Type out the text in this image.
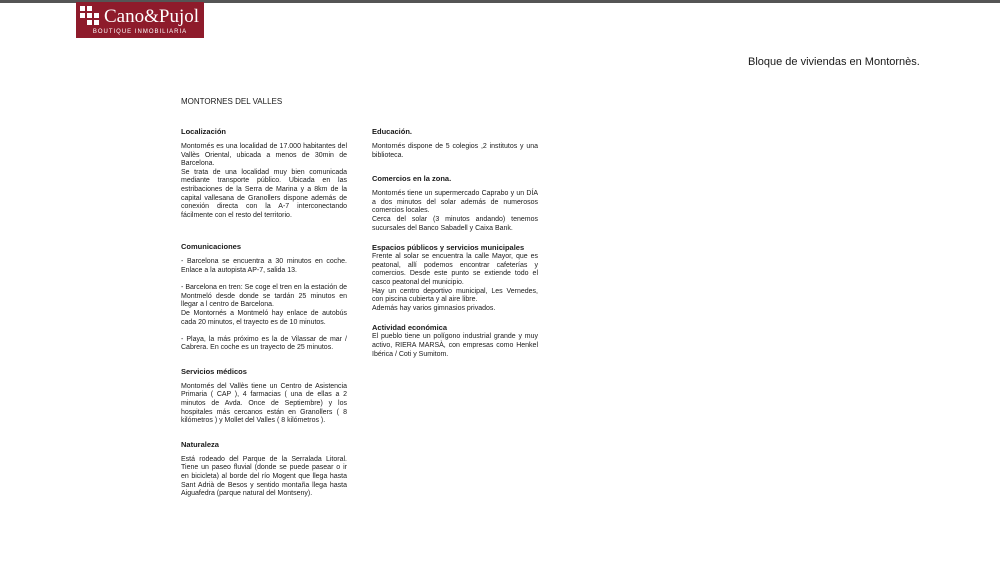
Cano&Pujol
BOUTIQUE INMOBILIARIA
Bloque de viviendas en Montornès.
MONTORNES DEL VALLES
Localización
Montornés es una localidad de 17.000 habitantes del Vallès Oriental, ubicada a menos de 30min de Barcelona.
Se trata de una localidad muy bien comunicada mediante transporte público. Ubicada en las estribaciones de la Serra de Marina y a 8km de la capital vallesana de Granollers dispone además de conexión directa con la A-7 interconectando fácilmente con el resto del territorio.
Comunicaciones
- Barcelona se encuentra a 30 minutos en coche. Enlace a la autopista AP-7, salida 13.

- Barcelona en tren: Se coge el tren en la estación de Montmeló desde donde se tardán 25 minutos en llegar a l centro de Barcelona.
De Montornés a Montmeló hay enlace de autobús cada 20 minutos, el trayecto es de 10 minutos.

- Playa, la más próximo es la de Vilassar de mar / Cabrera. En coche es un trayecto de 25 minutos.
Servicios médicos
Montornés del Vallès tiene un Centro de Asistencia Primaria ( CAP ), 4 farmacias ( una de ellas a 2 minutos de Avda. Once de Septiembre) y los hospitales más cercanos están en Granollers ( 8 kilómetros ) y Mollet del Valles ( 8 kilómetros ).
Naturaleza
Está rodeado del Parque de la Serralada Litoral. Tiene un paseo fluvial (donde se puede pasear o ir en bicicleta) al borde del río Mogent que llega hasta Sant Adrià de Besos y sentido montaña llega hasta Aiguafedra (parque natural del Montseny).
Educación.
Montornés dispone de 5 colegios ,2 institutos y una biblioteca.
Comercios en la zona.
Montornés tiene un supermercado Caprabo y un DÍA a dos minutos del solar además de numerosos comercios locales.
Cerca del solar (3 minutos andando) tenemos sucursales del Banco Sabadell y Caixa Bank.
Espacios públicos y servicios municipales
Frente al solar se encuentra la calle Mayor, que es peatonal, allí podemos encontrar cafeterías y comercios. Desde este punto se extiende todo el casco peatonal del municipio.
Hay un centro deportivo municipal, Les Vernedes, con piscina cubierta y al aire libre.
Además hay varios gimnasios privados.
Actividad económica
El pueblo tiene un polígono industrial grande y muy activo, RIERA MARSÀ, con empresas como Henkel Ibérica / Coti y Sumitom.
